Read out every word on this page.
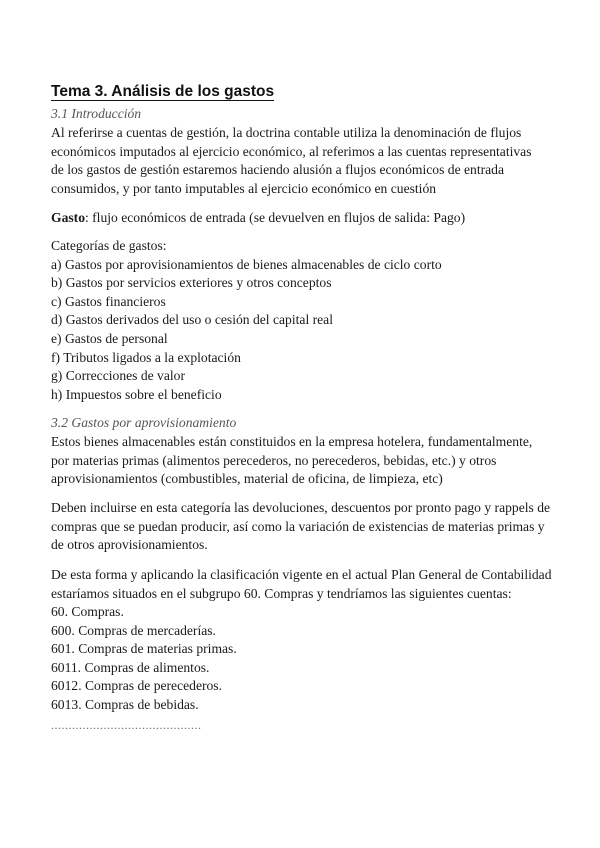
Tema 3. Análisis de los gastos
3.1 Introducción
Al referirse a cuentas de gestión, la doctrina contable utiliza la denominación de flujos
económicos imputados al ejercicio económico, al referimos a las cuentas representativas
de los gastos de gestión estaremos haciendo alusión a flujos económicos de entrada
consumidos, y por tanto imputables al ejercicio económico en cuestión
Gasto: flujo económicos de entrada (se devuelven en flujos de salida: Pago)
Categorías de gastos:
a) Gastos por aprovisionamientos de bienes almacenables de ciclo corto
b) Gastos por servicios exteriores y otros conceptos
c) Gastos financieros
d) Gastos derivados del uso o cesión del capital real
e) Gastos de personal
f) Tributos ligados a la explotación
g) Correcciones de valor
h) Impuestos sobre el beneficio
3.2 Gastos por aprovisionamiento
Estos bienes almacenables están constituidos en la empresa hotelera, fundamentalmente,
por materias primas (alimentos perecederos, no perecederos, bebidas, etc.) y otros
aprovisionamientos (combustibles, material de oficina, de limpieza, etc)
Deben incluirse en esta categoría las devoluciones, descuentos por pronto pago y rappels de
compras que se puedan producir, así como la variación de existencias de materias primas y
de otros aprovisionamientos.
De esta forma y aplicando la clasificación vigente en el actual Plan General de Contabilidad
estaríamos situados en el subgrupo 60. Compras y tendríamos las siguientes cuentas:
60. Compras.
600. Compras de mercaderías.
601. Compras de materias primas.
6011. Compras de alimentos.
6012. Compras de perecederos.
6013. Compras de bebidas.
...........................................
